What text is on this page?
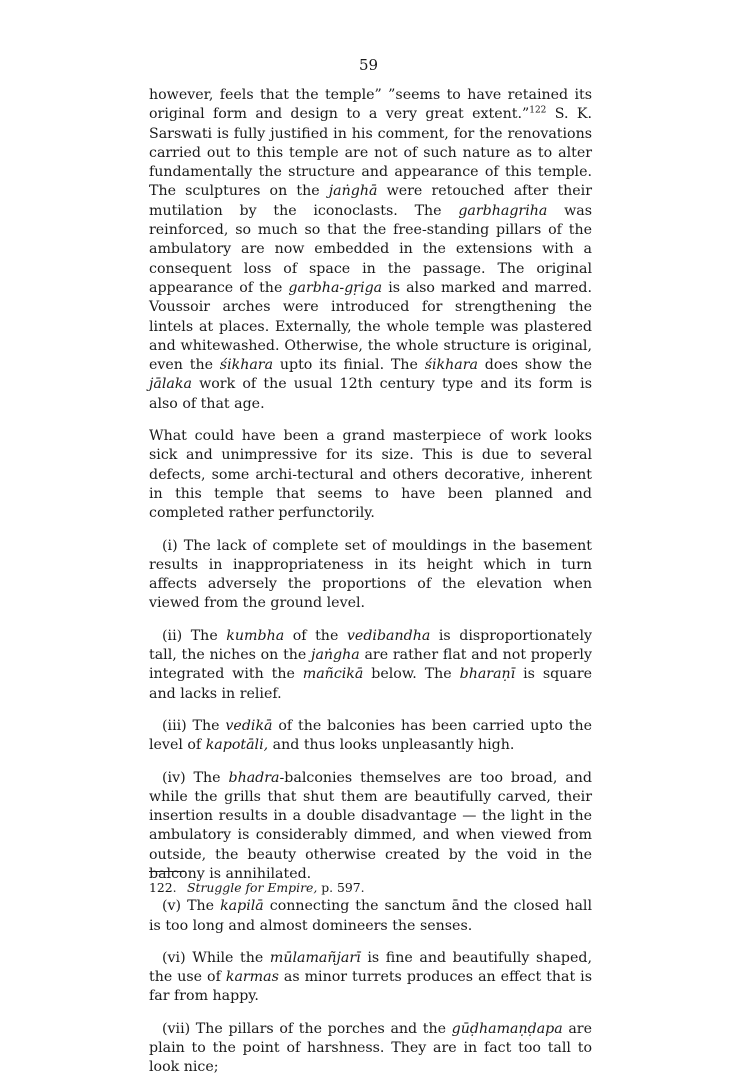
59

however, feels that the temple” ”seems to have retained its original form and design to a very great extent.”$^{122}$ S. K. Sarswati is fully justified in his comment, for the renovations carried out to this temple are not of such nature as to alter fundamentally the structure and appearance of this temple. The sculptures on the jaṅghā were retouched after their mutilation by the iconoclasts. The garbhagriha was reinforced, so much so that the free-standing pillars of the ambulatory are now embedded in the extensions with a consequent loss of space in the passage. The original appearance of the garbha-gṛiga is also marked and marred. Voussoir arches were introduced for strengthening the lintels at places. Externally, the whole temple was plastered and whitewashed. Otherwise, the whole structure is original, even the śikhara upto its finial. The śikhara does show the jālaka work of the usual 12th century type and its form is also of that age.

What could have been a grand masterpiece of work looks sick and unimpressive for its size. This is due to several defects, some archi-tectural and others decorative, inherent in this temple that seems to have been planned and completed rather perfunctorily.

(i) The lack of complete set of mouldings in the basement results in inappropriateness in its height which in turn affects adversely the proportions of the elevation when viewed from the ground level.

(ii) The kumbha of the vedibandha is disproportionately tall, the niches on the jaṅgha are rather flat and not properly integrated with the mañcikā below. The bharaṇī is square and lacks in relief.

(iii) The vedikā of the balconies has been carried upto the level of kapotāli, and thus looks unpleasantly high.

(iv) The bhadra-balconies themselves are too broad, and while the grills that shut them are beautifully carved, their insertion results in a double disadvantage — the light in the ambulatory is considerably dimmed, and when viewed from outside, the beauty otherwise created by the void in the balcony is annihilated.

(v) The kapilā connecting the sanctum ānd the closed hall is too long and almost domineers the senses.

(vi) While the mūlamañjarī is fine and beautifully shaped, the use of karmas as minor turrets produces an effect that is far from happy.

(vii) The pillars of the porches and the gūḍhamaṇḍapa are plain to the point of harshness. They are in fact too tall to look nice;

122. Struggle for Empire, p. 597.
